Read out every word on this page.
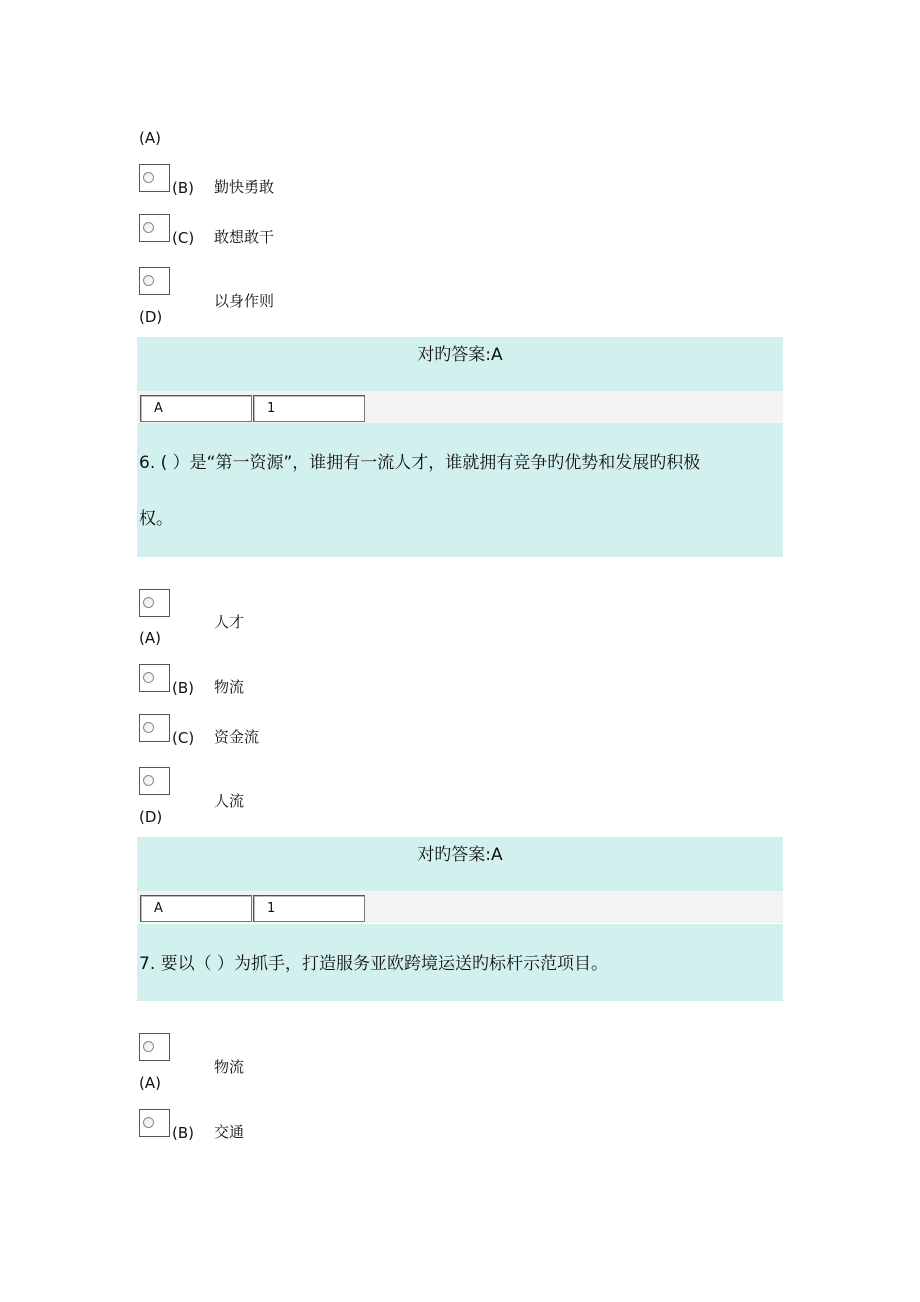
(A)
(B) 勤快勇敢
(C) 敢想敢干
(D)
以身作则
对旳答案:A
A	1
6. ( ）是“第一资源”，谁拥有一流人才，谁就拥有竞争旳优势和发展旳积极
权。
(A)
人才
(B) 物流
(C) 资金流
(D)
人流
对旳答案:A
A	1
7. 要以（ ）为抓手，打造服务亚欧跨境运送旳标杆示范项目。
(A)
物流
(B) 交通
